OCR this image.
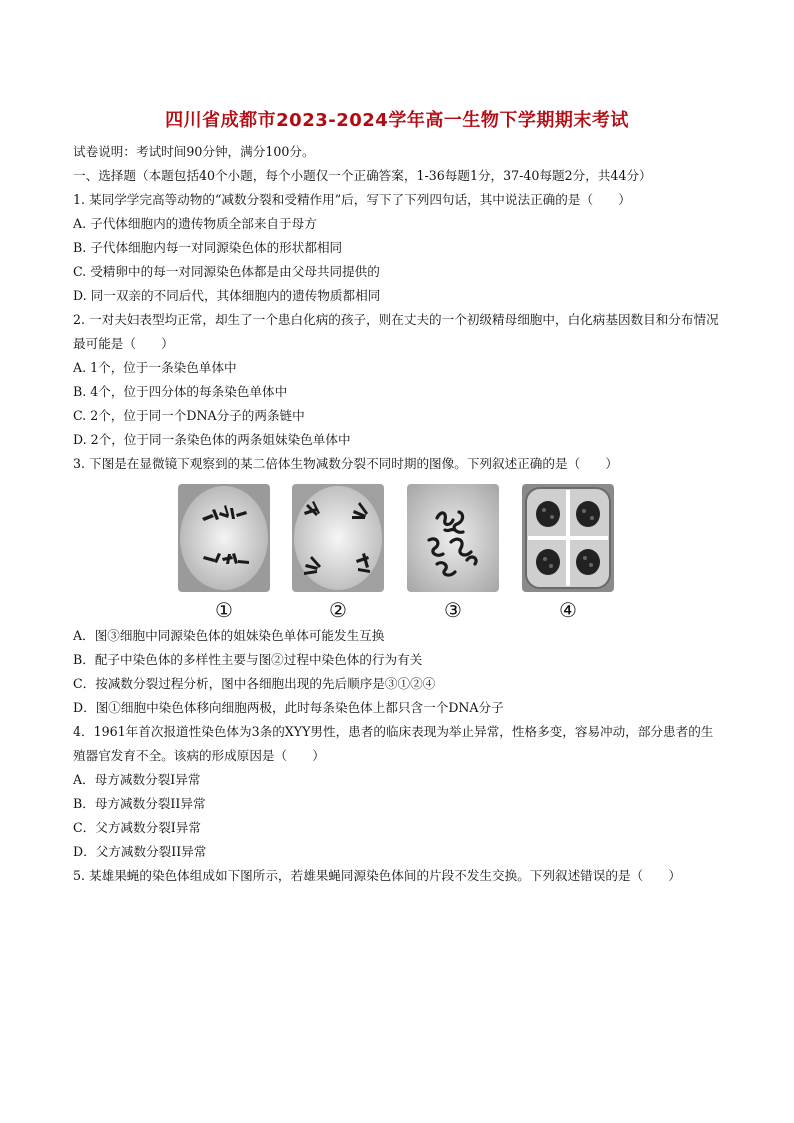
四川省成都市2023-2024学年高一生物下学期期末考试
试卷说明：考试时间90分钟，满分100分。
一、选择题（本题包括40个小题，每个小题仅一个正确答案，1-36每题1分，37-40每题2分，共44分）
1. 某同学学完高等动物的“减数分裂和受精作用”后，写下了下列四句话，其中说法正确的是（　　）
A. 子代体细胞内的遗传物质全部来自于母方
B. 子代体细胞内每一对同源染色体的形状都相同
C. 受精卵中的每一对同源染色体都是由父母共同提供的
D. 同一双亲的不同后代，其体细胞内的遗传物质都相同
2. 一对夫妇表型均正常，却生了一个患白化病的孩子，则在丈夫的一个初级精母细胞中，白化病基因数目和分布情况最可能是（　　）
A. 1个，位于一条染色单体中
B. 4个，位于四分体的每条染色单体中
C. 2个，位于同一个DNA分子的两条链中
D. 2个，位于同一条染色体的两条姐妹染色单体中
3. 下图是在显微镜下观察到的某二倍体生物减数分裂不同时期的图像。下列叙述正确的是（　　）
①	②	③	④
A．图③细胞中同源染色体的姐妹染色单体可能发生互换
B．配子中染色体的多样性主要与图②过程中染色体的行为有关
C．按减数分裂过程分析，图中各细胞出现的先后顺序是③①②④
D．图①细胞中染色体移向细胞两极，此时每条染色体上都只含一个DNA分子
4．1961年首次报道性染色体为3条的XYY男性，患者的临床表现为举止异常，性格多变，容易冲动，部分患者的生殖器官发育不全。该病的形成原因是（　　）
A．母方减数分裂I异常
B．母方减数分裂II异常
C．父方减数分裂I异常
D．父方减数分裂II异常
5. 某雄果蝇的染色体组成如下图所示，若雄果蝇同源染色体间的片段不发生交换。下列叙述错误的是（　　）
